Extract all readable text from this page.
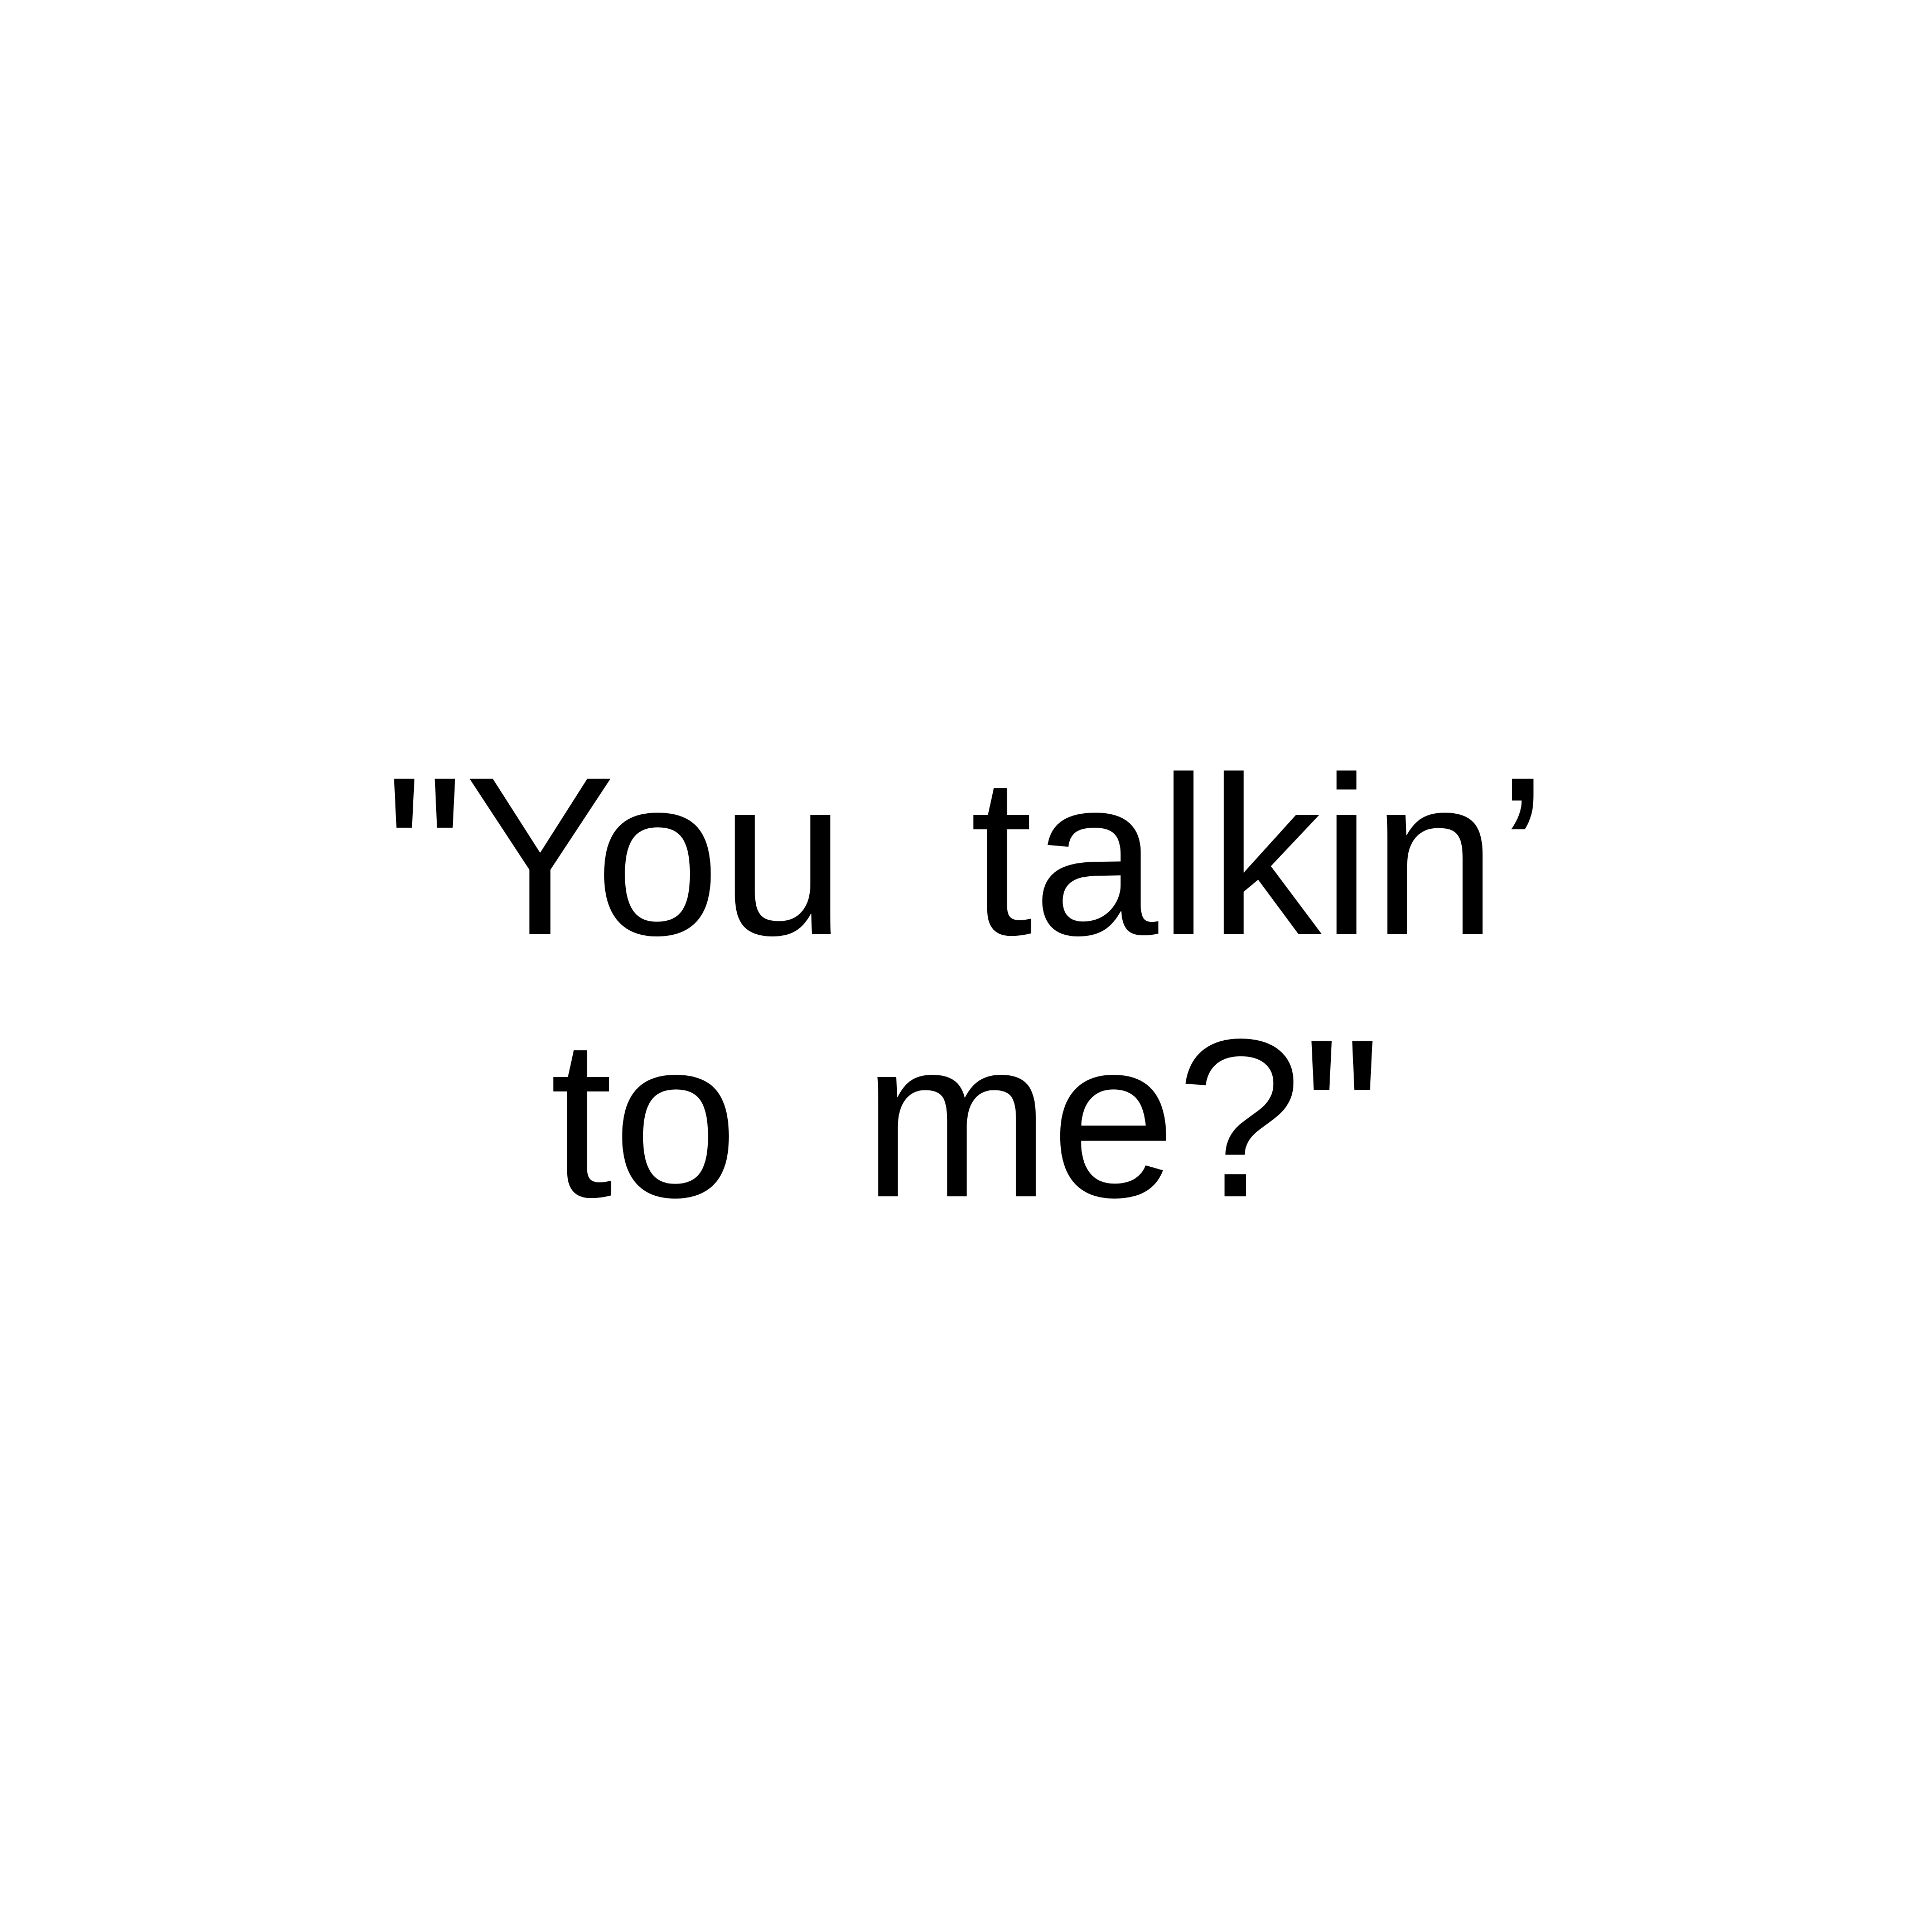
"You talkin’
to me?"
